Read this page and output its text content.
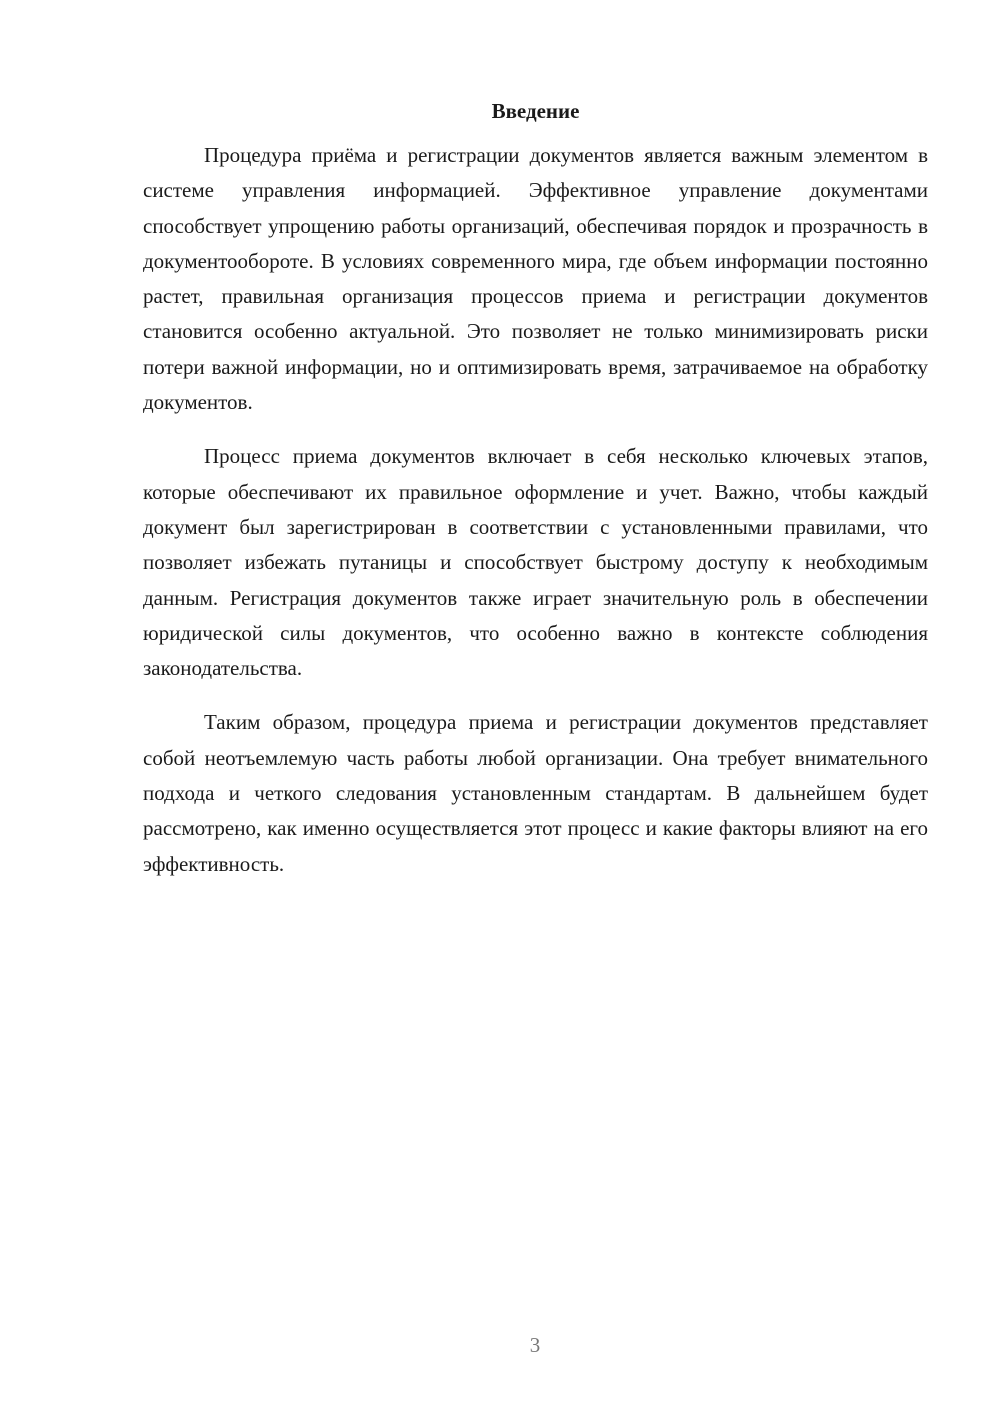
Введение

Процедура приёма и регистрации документов является важным элементом в системе управления информацией. Эффективное управление документами способствует упрощению работы организаций, обеспечивая порядок и прозрачность в документообороте. В условиях современного мира, где объем информации постоянно растет, правильная организация процессов приема и регистрации документов становится особенно актуальной. Это позволяет не только минимизировать риски потери важной информации, но и оптимизировать время, затрачиваемое на обработку документов.

Процесс приема документов включает в себя несколько ключевых этапов, которые обеспечивают их правильное оформление и учет. Важно, чтобы каждый документ был зарегистрирован в соответствии с установленными правилами, что позволяет избежать путаницы и способствует быстрому доступу к необходимым данным. Регистрация документов также играет значительную роль в обеспечении юридической силы документов, что особенно важно в контексте соблюдения законодательства.

Таким образом, процедура приема и регистрации документов представляет собой неотъемлемую часть работы любой организации. Она требует внимательного подхода и четкого следования установленным стандартам. В дальнейшем будет рассмотрено, как именно осуществляется этот процесс и какие факторы влияют на его эффективность.

3
